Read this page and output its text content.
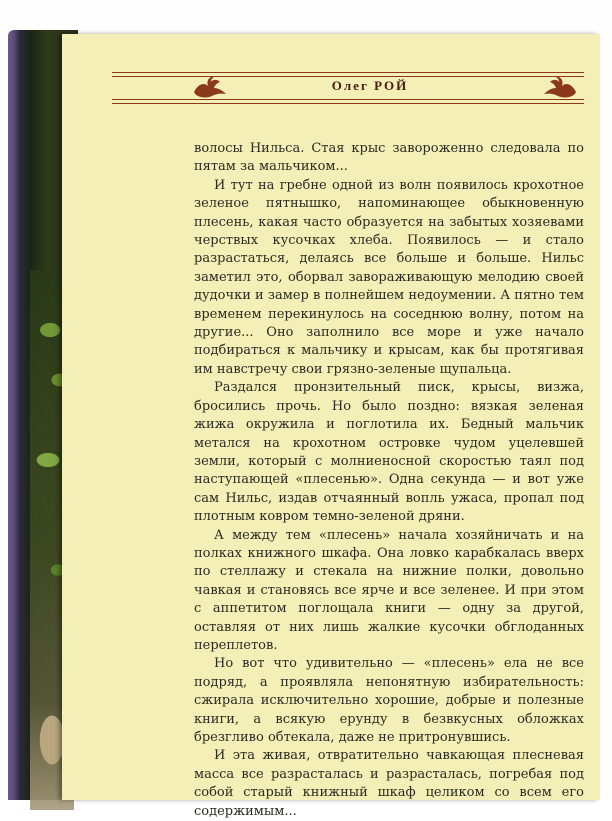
Олег РОЙ

волосы Нильса. Стая крыс завороженно следовала по пятам за мальчиком...

И тут на гребне одной из волн появилось крохотное зеленое пятнышко, напоминающее обыкновенную плесень, какая часто образуется на забытых хозяевами черствых кусочках хлеба. Появилось — и стало разрастаться, делаясь все больше и больше. Нильс заметил это, оборвал завораживающую мелодию своей дудочки и замер в полнейшем недоумении. А пятно тем временем перекинулось на соседнюю волну, потом на другие... Оно заполнило все море и уже начало подбираться к мальчику и крысам, как бы протягивая им навстречу свои грязно-зеленые щупальца.

Раздался пронзительный писк, крысы, визжа, бросились прочь. Но было поздно: вязкая зеленая жижа окружила и поглотила их. Бедный мальчик метался на крохотном островке чудом уцелевшей земли, который с молниеносной скоростью таял под наступающей «плесенью». Одна секунда — и вот уже сам Нильс, издав отчаянный вопль ужаса, пропал под плотным ковром темно-зеленой дряни.

А между тем «плесень» начала хозяйничать и на полках книжного шкафа. Она ловко карабкалась вверх по стеллажу и стекала на нижние полки, довольно чавкая и становясь все ярче и все зеленее. И при этом с аппетитом поглощала книги — одну за другой, оставляя от них лишь жалкие кусочки обглоданных переплетов.

Но вот что удивительно — «плесень» ела не все подряд, а проявляла непонятную избирательность: сжирала исключительно хорошие, добрые и полезные книги, а всякую ерунду в безвкусных обложках брезгливо обтекала, даже не притронувшись.

И эта живая, отвратительно чавкающая плесневая масса все разрасталась и разрасталась, погребая под собой старый книжный шкаф целиком со всем его содержимым...
